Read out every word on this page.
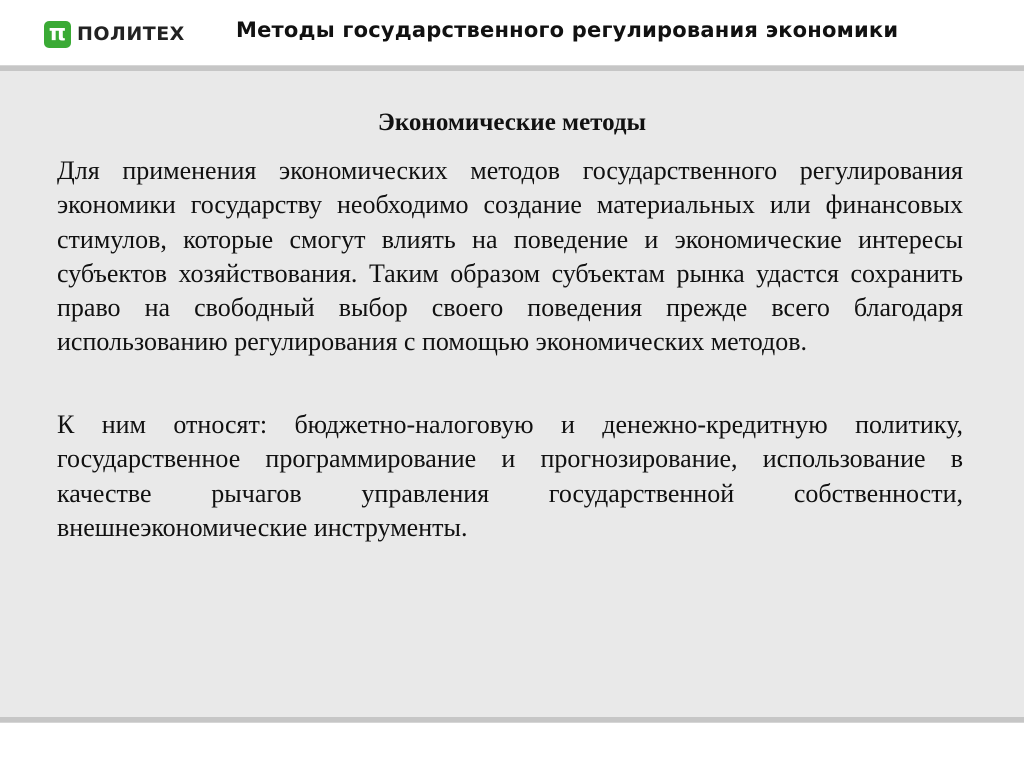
π ПОЛИТЕХ Методы государственного регулирования экономики
Экономические методы

Для применения экономических методов государственного регулирования экономики государству необходимо создание материальных или финансовых стимулов, которые смогут влиять на поведение и экономические интересы субъектов хозяйствования. Таким образом субъектам рынка удастся сохранить право на свободный выбор своего поведения прежде всего благодаря использованию регулирования с помощью экономических методов.

К ним относят: бюджетно-налоговую и денежно-кредитную политику, государственное программирование и прогнозирование, использование в качестве рычагов управления государственной собственности, внешнеэкономические инструменты.
